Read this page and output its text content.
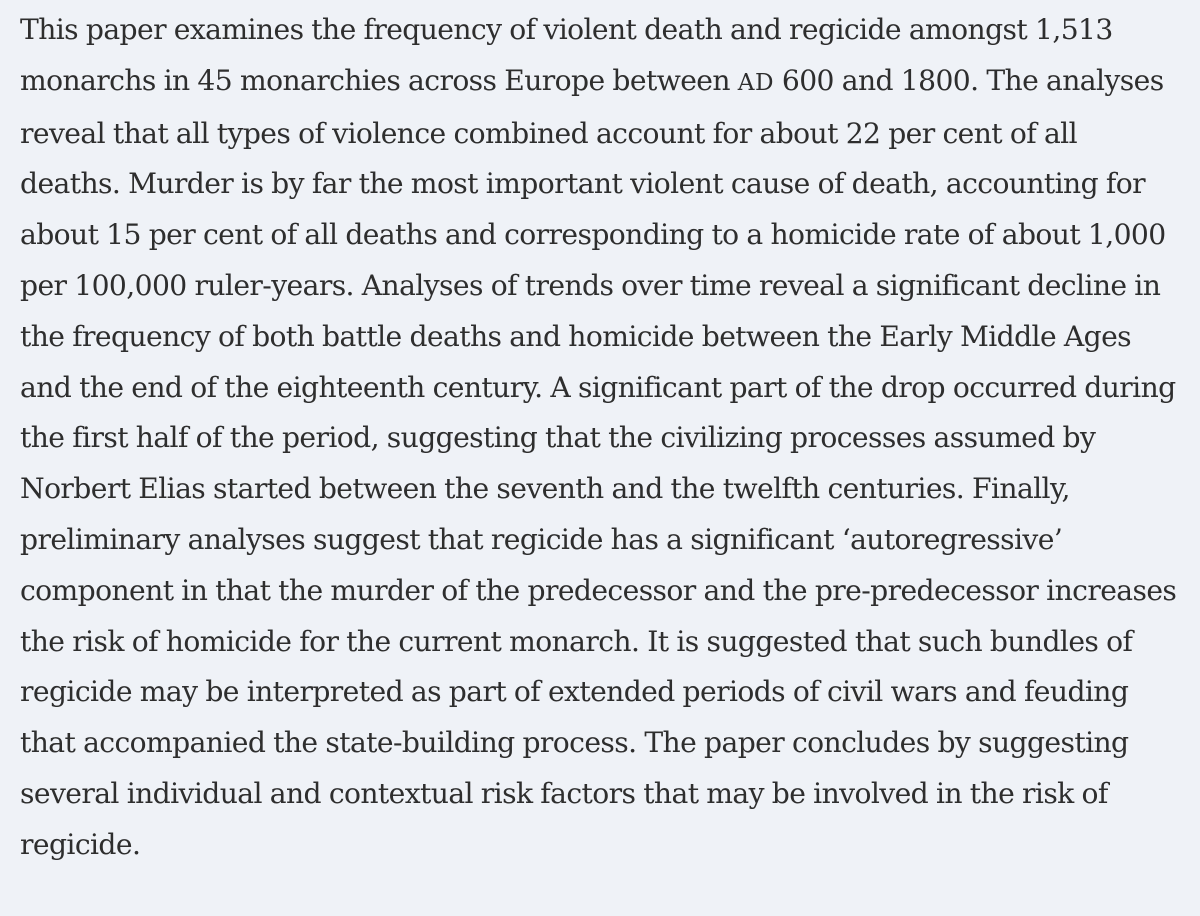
This paper examines the frequency of violent death and regicide amongst 1,513 monarchs in 45 monarchies across Europe between AD 600 and 1800. The analyses reveal that all types of violence combined account for about 22 per cent of all deaths. Murder is by far the most important violent cause of death, accounting for about 15 per cent of all deaths and corresponding to a homicide rate of about 1,000 per 100,000 ruler-years. Analyses of trends over time reveal a significant decline in the frequency of both battle deaths and homicide between the Early Middle Ages and the end of the eighteenth century. A significant part of the drop occurred during the first half of the period, suggesting that the civilizing processes assumed by Norbert Elias started between the seventh and the twelfth centuries. Finally, preliminary analyses suggest that regicide has a significant ‘autoregressive’ component in that the murder of the predecessor and the pre-predecessor increases the risk of homicide for the current monarch. It is suggested that such bundles of regicide may be interpreted as part of extended periods of civil wars and feuding that accompanied the state-building process. The paper concludes by suggesting several individual and contextual risk factors that may be involved in the risk of regicide.
